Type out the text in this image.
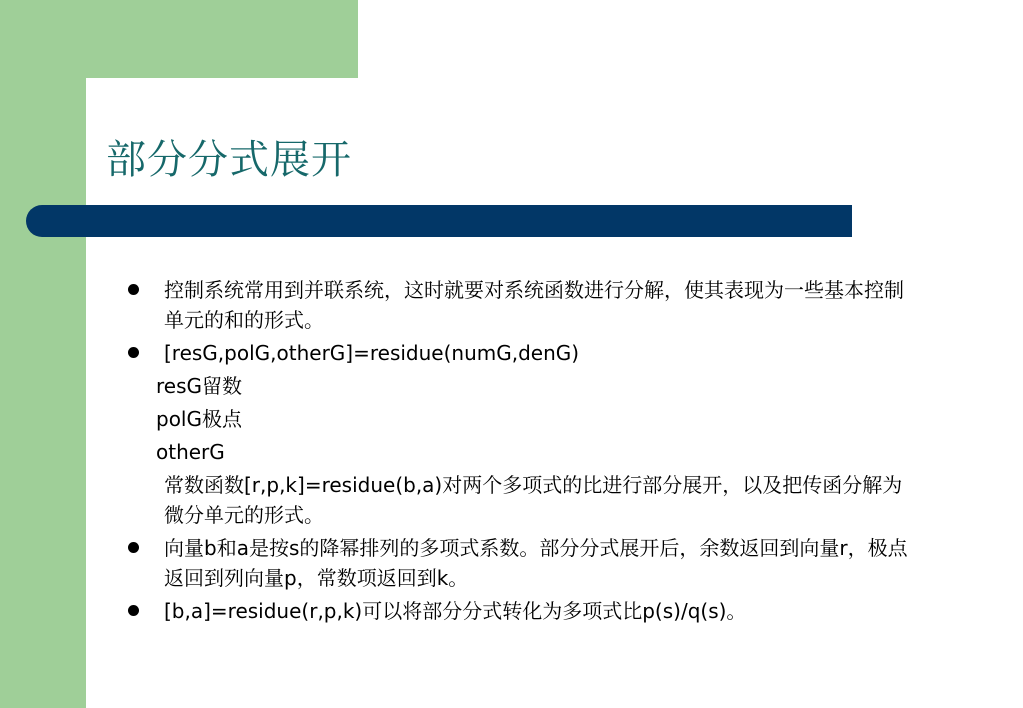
部分分式展开
控制系统常用到并联系统，这时就要对系统函数进行分解，使其表现为一些基本控制单元的和的形式。
[resG,polG,otherG]=residue(numG,denG)
resG留数
polG极点
otherG
常数函数[r,p,k]=residue(b,a)对两个多项式的比进行部分展开，以及把传函分解为微分单元的形式。
向量b和a是按s的降幂排列的多项式系数。部分分式展开后，余数返回到向量r，极点返回到列向量p，常数项返回到k。
[b,a]=residue(r,p,k)可以将部分分式转化为多项式比p(s)/q(s)。
